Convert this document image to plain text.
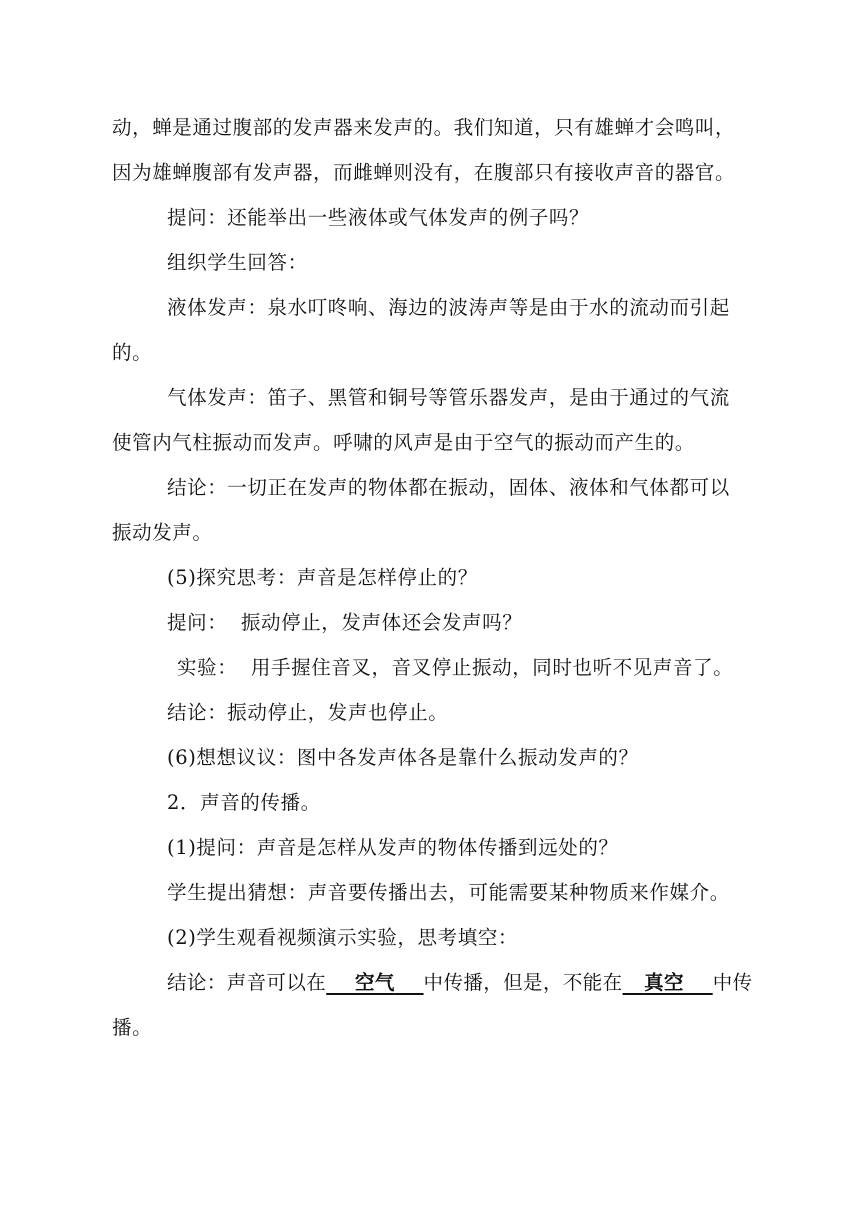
动，蝉是通过腹部的发声器来发声的。我们知道，只有雄蝉才会鸣叫，
因为雄蝉腹部有发声器，而雌蝉则没有，在腹部只有接收声音的器官。
提问：还能举出一些液体或气体发声的例子吗？
组织学生回答：
液体发声：泉水叮咚响、海边的波涛声等是由于水的流动而引起
的。
气体发声：笛子、黑管和铜号等管乐器发声，是由于通过的气流
使管内气柱振动而发声。呼啸的风声是由于空气的振动而产生的。
结论：一切正在发声的物体都在振动，固体、液体和气体都可以
振动发声。
(5)探究思考：声音是怎样停止的？
提问：  振动停止，发声体还会发声吗？
实验：  用手握住音叉，音叉停止振动，同时也听不见声音了。
结论：振动停止，发声也停止。
(6)想想议议：图中各发声体各是靠什么振动发声的？
2．声音的传播。
(1)提问：声音是怎样从发声的物体传播到远处的？
学生提出猜想：声音要传播出去，可能需要某种物质来作媒介。
(2)学生观看视频演示实验，思考填空：
结论：声音可以在 空气 中传播，但是，不能在 真空 中传
播。
